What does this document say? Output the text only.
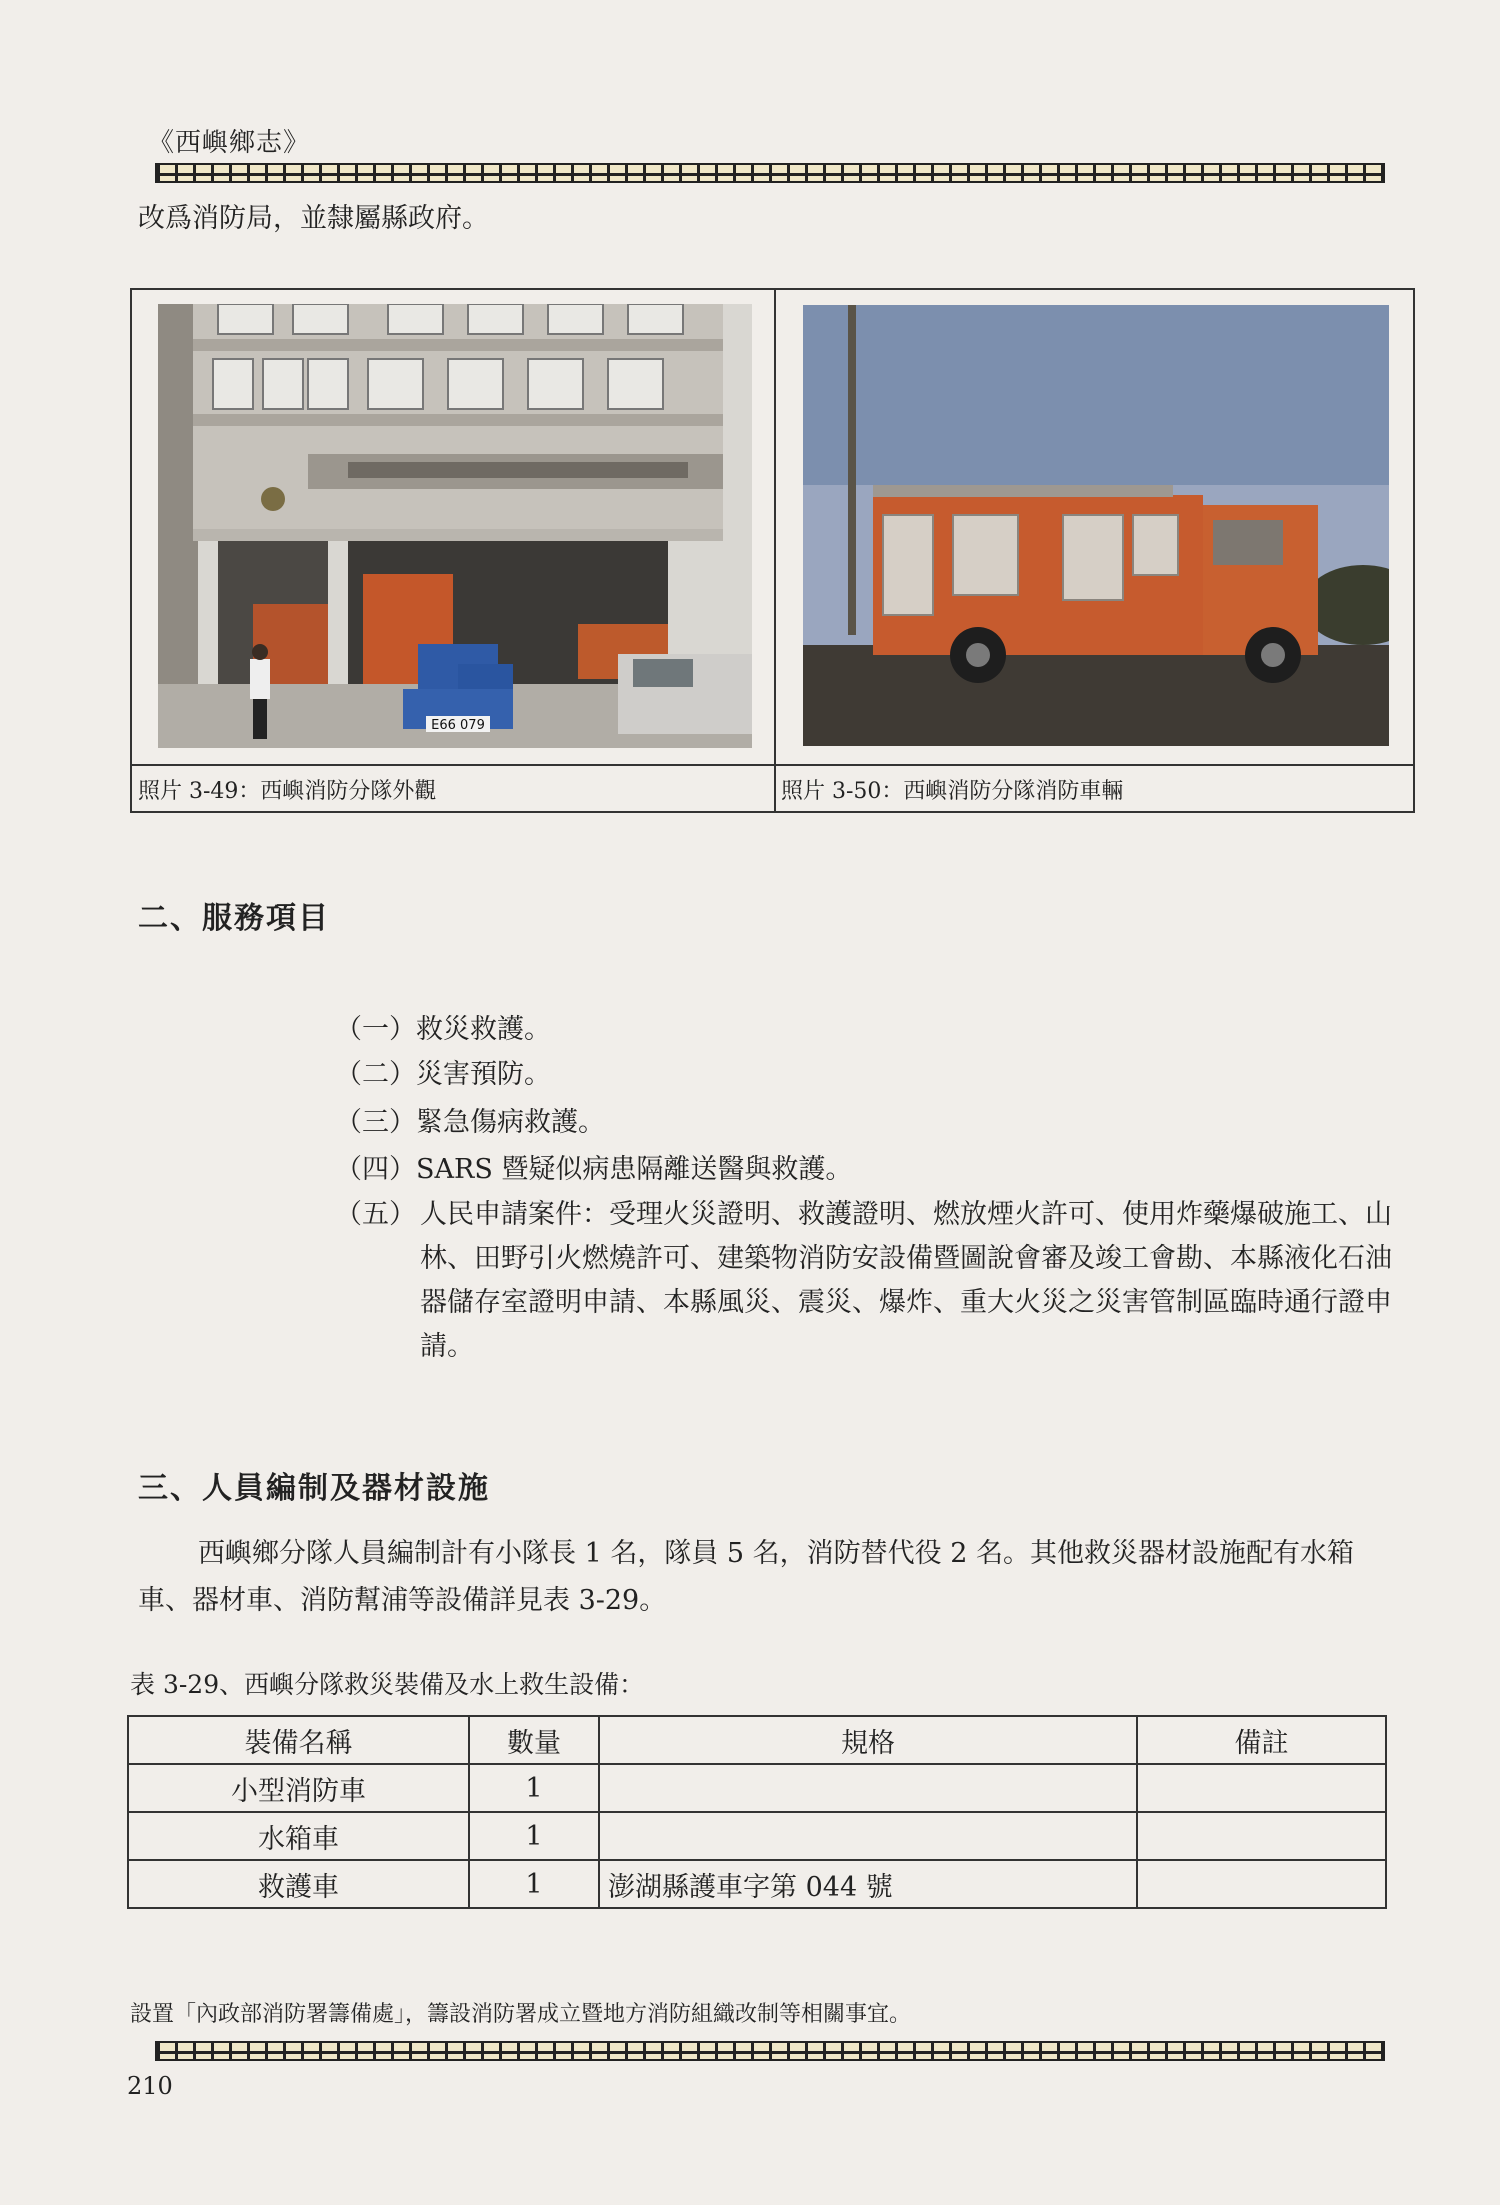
《西嶼鄉志》
改爲消防局，並隸屬縣政府。
E66 079
照片 3-49：西嶼消防分隊外觀	照片 3-50：西嶼消防分隊消防車輛
二、服務項目
（一）救災救護。
（二）災害預防。
（三）緊急傷病救護。
（四）SARS 暨疑似病患隔離送醫與救護。
（五） 人民申請案件：受理火災證明、救護證明、燃放煙火許可、使用炸藥爆破施工、山林、田野引火燃燒許可、建築物消防安設備暨圖說會審及竣工會勘、本縣液化石油器儲存室證明申請、本縣風災、震災、爆炸、重大火災之災害管制區臨時通行證申請。
三、人員編制及器材設施
西嶼鄉分隊人員編制計有小隊長 1 名，隊員 5 名，消防替代役 2 名。其他救災器材設施配有水箱車、器材車、消防幫浦等設備詳見表 3-29。
表 3-29、西嶼分隊救災裝備及水上救生設備：
裝備名稱	數量	規格	備註
小型消防車	1		
水箱車	1		
救護車	1	澎湖縣護車字第 044 號	
設置「內政部消防署籌備處」，籌設消防署成立暨地方消防組織改制等相關事宜。
210
